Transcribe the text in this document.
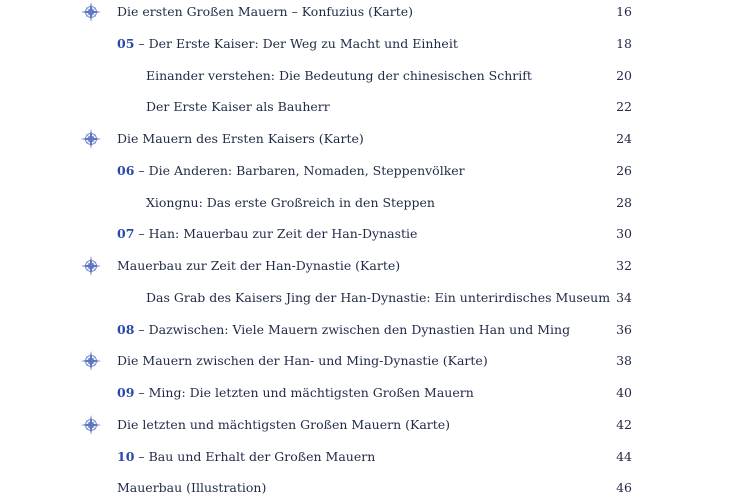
Die ersten Großen Mauern – Konfuzius (Karte)	16
05 – Der Erste Kaiser: Der Weg zu Macht und Einheit	18
Einander verstehen: Die Bedeutung der chinesischen Schrift	20
Der Erste Kaiser als Bauherr	22
Die Mauern des Ersten Kaisers (Karte)	24
06 – Die Anderen: Barbaren, Nomaden, Steppenvölker	26
Xiongnu: Das erste Großreich in den Steppen	28
07 – Han: Mauerbau zur Zeit der Han-Dynastie	30
Mauerbau zur Zeit der Han-Dynastie (Karte)	32
Das Grab des Kaisers Jing der Han-Dynastie: Ein unterirdisches Museum 34
08 – Dazwischen: Viele Mauern zwischen den Dynastien Han und Ming	36
Die Mauern zwischen der Han- und Ming-Dynastie (Karte)	38
09 – Ming: Die letzten und mächtigsten Großen Mauern	40
Die letzten und mächtigsten Großen Mauern (Karte)	42
10 – Bau und Erhalt der Großen Mauern	44
Mauerbau (Illustration)	46
